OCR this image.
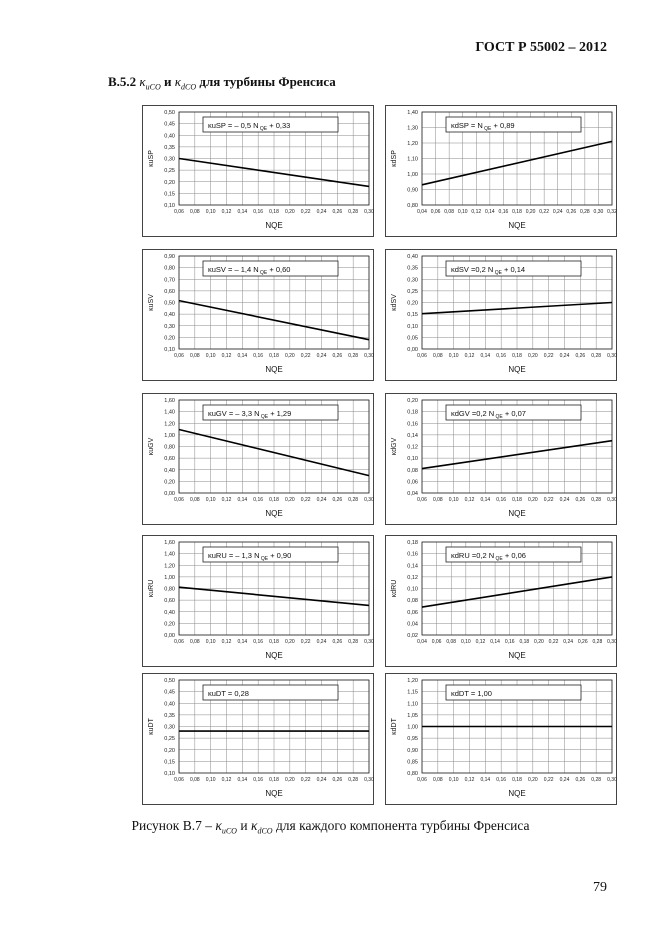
ГОСТ Р 55002 – 2012
В.5.2 $\kappa_{uCO}$ и $\kappa_{dCO}$ для турбины Френсиса
0,06 0,08 0,10 0,12 0,14 0,16 0,18 0,20 0,22 0,24 0,26 0,28 0,30
0,10
0,15
0,20
0,25
0,30
0,35
0,40
0,45
0,50
NQE
κuSP
κuSP = – 0,5 N $_{QE}$ + 0,33
0,04 0,06 0,08 0,10 0,12 0,14 0,16 0,18 0,20 0,22 0,24 0,26 0,28 0,30 0,32
0,80
0,90
1,00
1,10
1,20
1,30
1,40
NQE
κdSP
κdSP = N $_{QE}$ + 0,89
0,06 0,08 0,10 0,12 0,14 0,16 0,18 0,20 0,22 0,24 0,26 0,28 0,30
0,10
0,20
0,30
0,40
0,50
0,60
0,70
0,80
0,90
NQE
κuSV
κuSV = – 1,4 N $_{QE}$ + 0,60
0,06 0,08 0,10 0,12 0,14 0,16 0,18 0,20 0,22 0,24 0,26 0,28 0,30
0,00
0,05
0,10
0,15
0,20
0,25
0,30
0,35
0,40
NQE
κdSV
κdSV =0,2 N $_{QE}$ + 0,14
0,06 0,08 0,10 0,12 0,14 0,16 0,18 0,20 0,22 0,24 0,26 0,28 0,30
0,00
0,20
0,40
0,60
0,80
1,00
1,20
1,40
1,60
NQE
κuGV
κuGV = – 3,3 N $_{QE}$ + 1,29
0,06 0,08 0,10 0,12 0,14 0,16 0,18 0,20 0,22 0,24 0,26 0,28 0,30
0,04
0,06
0,08
0,10
0,12
0,14
0,16
0,18
0,20
NQE
κdGV
κdGV =0,2 N $_{QE}$ + 0,07
0,06 0,08 0,10 0,12 0,14 0,16 0,18 0,20 0,22 0,24 0,26 0,28 0,30
0,00
0,20
0,40
0,60
0,80
1,00
1,20
1,40
1,60
NQE
κuRU
κuRU = – 1,3 N $_{QE}$ + 0,90
0,04 0,06 0,08 0,10 0,12 0,14 0,16 0,18 0,20 0,22 0,24 0,26 0,28 0,30
0,02
0,04
0,06
0,08
0,10
0,12
0,14
0,16
0,18
NQE
κdRU
κdRU =0,2 N $_{QE}$ + 0,06
0,06 0,08 0,10 0,12 0,14 0,16 0,18 0,20 0,22 0,24 0,26 0,28 0,30
0,10
0,15
0,20
0,25
0,30
0,35
0,40
0,45
0,50
NQE
κuDT
κuDT = 0,28
0,06 0,08 0,10 0,12 0,14 0,16 0,18 0,20 0,22 0,24 0,26 0,28 0,30
0,80
0,85
0,90
0,95
1,00
1,05
1,10
1,15
1,20
NQE
κdDT
κdDT = 1,00
Рисунок $В.7 - \kappa_{uCO}$ и $\kappa_{dCO}$ для каждого компонента турбины Френсиса
79
